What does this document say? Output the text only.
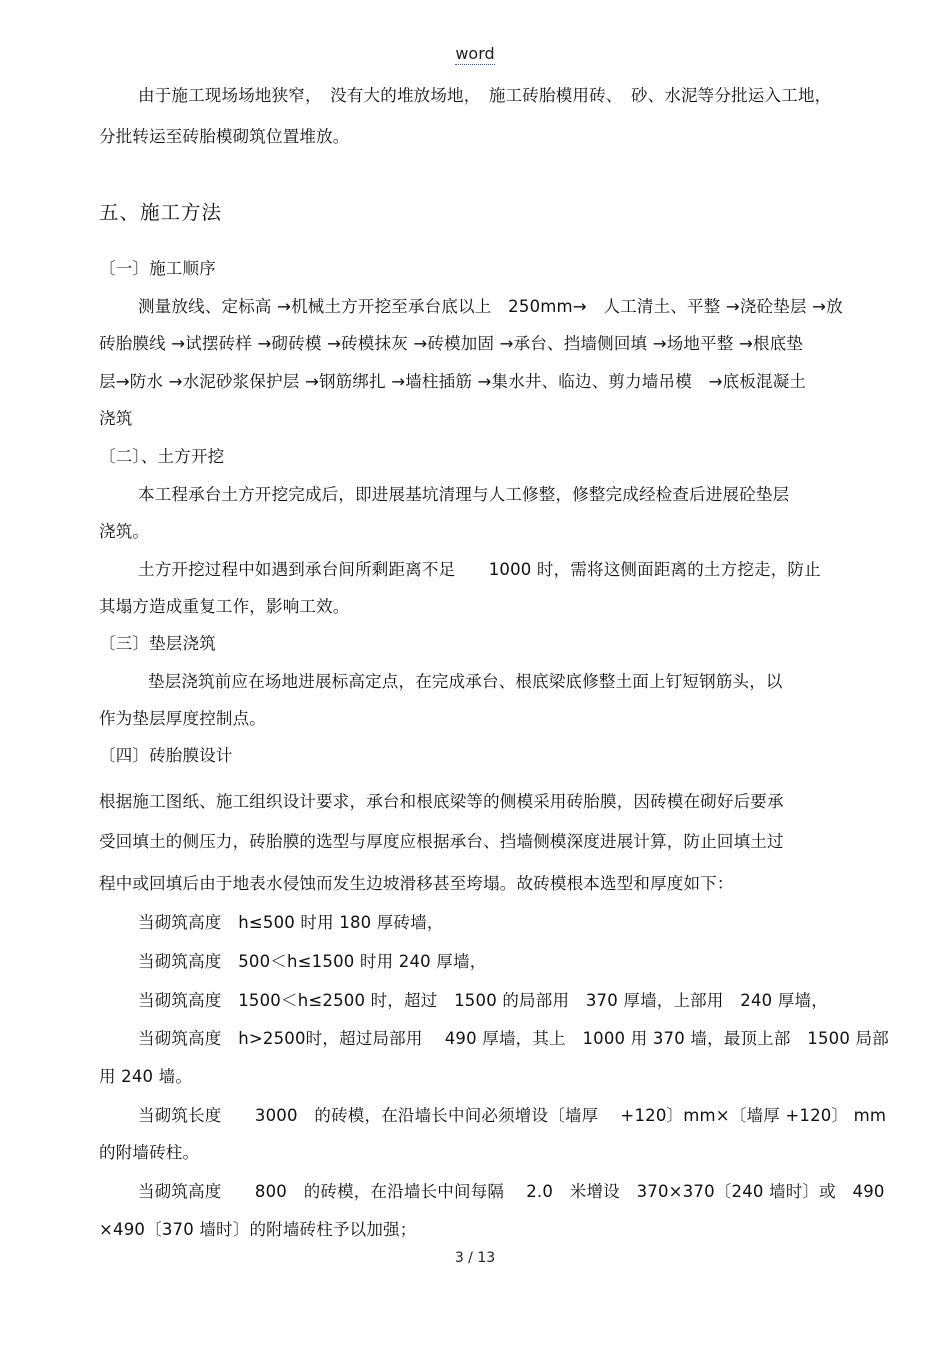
word
由于施工现场场地狭窄，　没有大的堆放场地，　施工砖胎模用砖、　砂、水泥等分批运入工地，
分批转运至砖胎模砌筑位置堆放。
五、施工方法
〔一〕施工顺序
测量放线、定标高 →机械土方开挖至承台底以上　250mm→　人工清土、平整 →浇砼垫层 →放
砖胎膜线 →试摆砖样 →砌砖模 →砖模抹灰 →砖模加固 →承台、挡墙侧回填 →场地平整 →根底垫
层→防水 →水泥砂浆保护层 →钢筋绑扎 →墙柱插筋 →集水井、临边、剪力墙吊模　→底板混凝土
浇筑
〔二〕、土方开挖
本工程承台土方开挖完成后，即进展基坑清理与人工修整，修整完成经检查后进展砼垫层
浇筑。
土方开挖过程中如遇到承台间所剩距离不足　　1000 时，需将这侧面距离的土方挖走，防止
其塌方造成重复工作，影响工效。
〔三〕垫层浇筑
垫层浇筑前应在场地进展标高定点，在完成承台、根底梁底修整土面上钉短钢筋头，以
作为垫层厚度控制点。
〔四〕砖胎膜设计
根据施工图纸、施工组织设计要求，承台和根底梁等的侧模采用砖胎膜，因砖模在砌好后要承
受回填土的侧压力，砖胎膜的选型与厚度应根据承台、挡墙侧模深度进展计算，防止回填土过
程中或回填后由于地表水侵蚀而发生边坡滑移甚至垮塌。故砖模根本选型和厚度如下：
当砌筑高度　h≤500 时用 180 厚砖墙，
当砌筑高度　500＜h≤1500 时用 240 厚墙，
当砌筑高度　1500＜h≤2500 时，超过　1500 的局部用　370 厚墙，上部用　240 厚墙，
当砌筑高度　h>2500时，超过局部用　 490 厚墙，其上　1000 用 370 墙，最顶上部　1500 局部
用 240 墙。
当砌筑长度　　3000　的砖模，在沿墙长中间必须增设〔墙厚　 +120〕mm×〔墙厚 +120〕 mm
的附墙砖柱。
当砌筑高度　　800　的砖模，在沿墙长中间每隔　 2.0　米增设　370×370〔240 墙时〕或　490
×490〔370 墙时〕的附墙砖柱予以加强；
3 / 13
